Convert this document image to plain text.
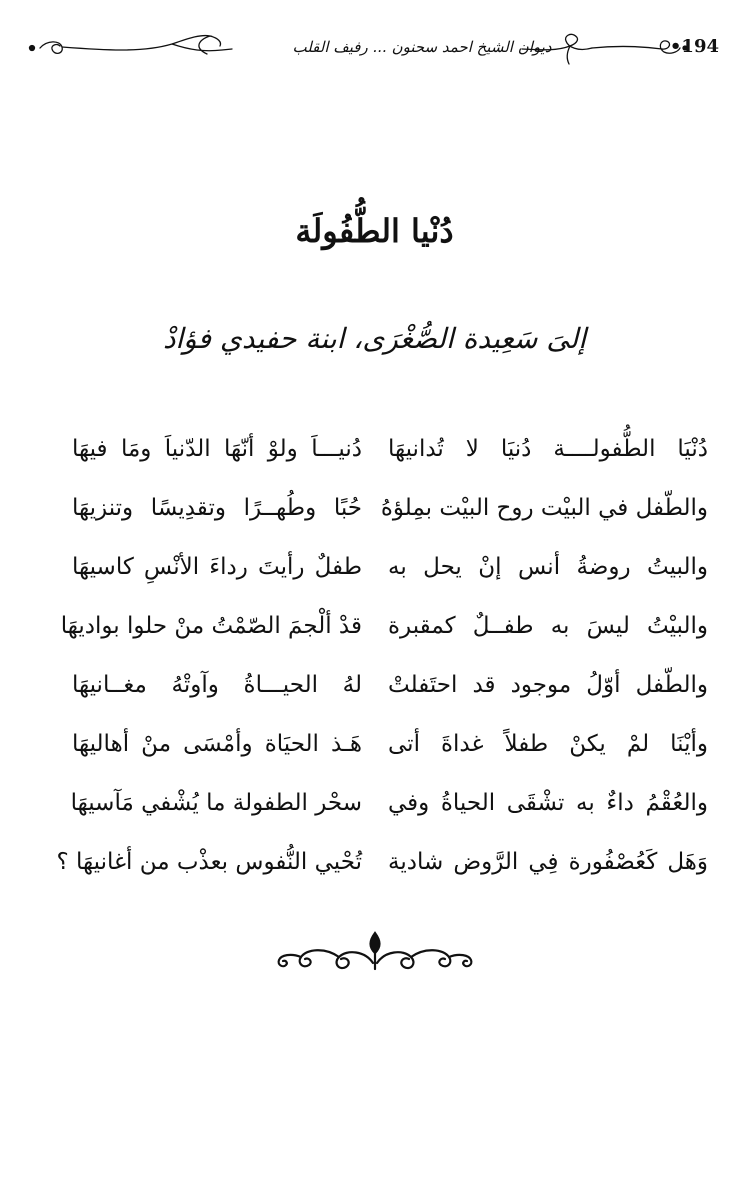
ديوان الشيخ احمد سحنون ... رفيف القلب	•194
دُنْيا الطُّفُولَة
إلىَ سَعِيدة الصُّغْرَى، ابنة حفيدي فؤادْ
دُنْيَا الطُّفولــــة دُنيَا لا تُدانيهَا
دُنيـــاَ ولوْ أنّهَا الدّنياَ ومَا فيهَا
والطّفل في البيْت روح البيْت بمِلؤهُ
حُبًا وطُهــرًا وتقدِيسًا وتنزيهَا
والبيتُ روضةُ أنس إنْ يحل به
طفلٌ رأيتَ رداءَ الأنْسِ كاسيهَا
والبيْتُ ليسَ به طفــلٌ كمقبرة
قدْ ألْجمَ الصّمْتُ منْ حلوا بواديهَا
والطّفل أوّلُ موجود قد احتَفلتْ
لهُ الحيـــاةُ وآوتْهُ مغــانيهَا
وأيْنَا لمْ يكنْ طفلاً غداةَ أتى
هَـذ الحيَاة وأمْسَى منْ أهاليهَا
والعُقْمُ داءٌ به تشْقَى الحياةُ وفي
سحْر الطفولة ما يُشْفي مَآسيهَا
وَهَل كَعُصْفُورة فِي الرَّوض شادية
تُحْيي النُّفوس بعذْب من أغانيهَا ؟
